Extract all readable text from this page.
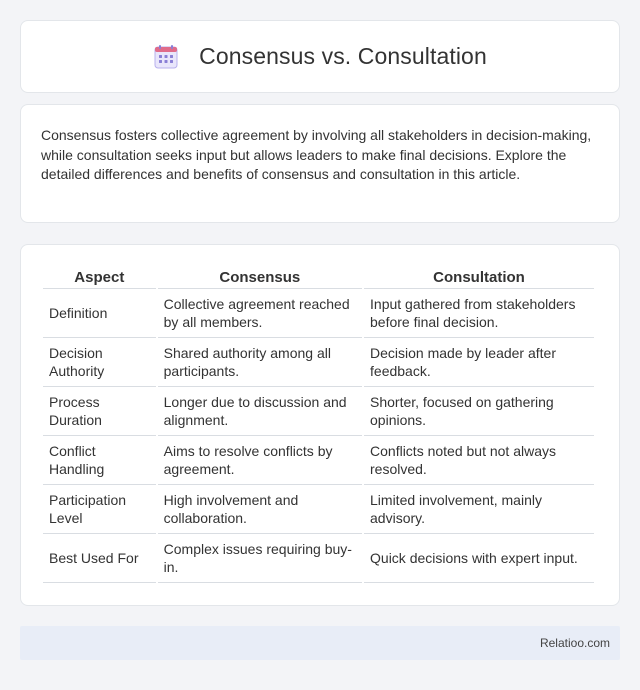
Consensus vs. Consultation

Consensus fosters collective agreement by involving all stakeholders in decision-making, while consultation seeks input but allows leaders to make final decisions. Explore the detailed differences and benefits of consensus and consultation in this article.

Aspect	Consensus	Consultation
Definition	Collective agreement reached by all members.	Input gathered from stakeholders before final decision.
Decision Authority	Shared authority among all participants.	Decision made by leader after feedback.
Process Duration	Longer due to discussion and alignment.	Shorter, focused on gathering opinions.
Conflict Handling	Aims to resolve conflicts by agreement.	Conflicts noted but not always resolved.
Participation Level	High involvement and collaboration.	Limited involvement, mainly advisory.
Best Used For	Complex issues requiring buy-in.	Quick decisions with expert input.
Relatioo.com
